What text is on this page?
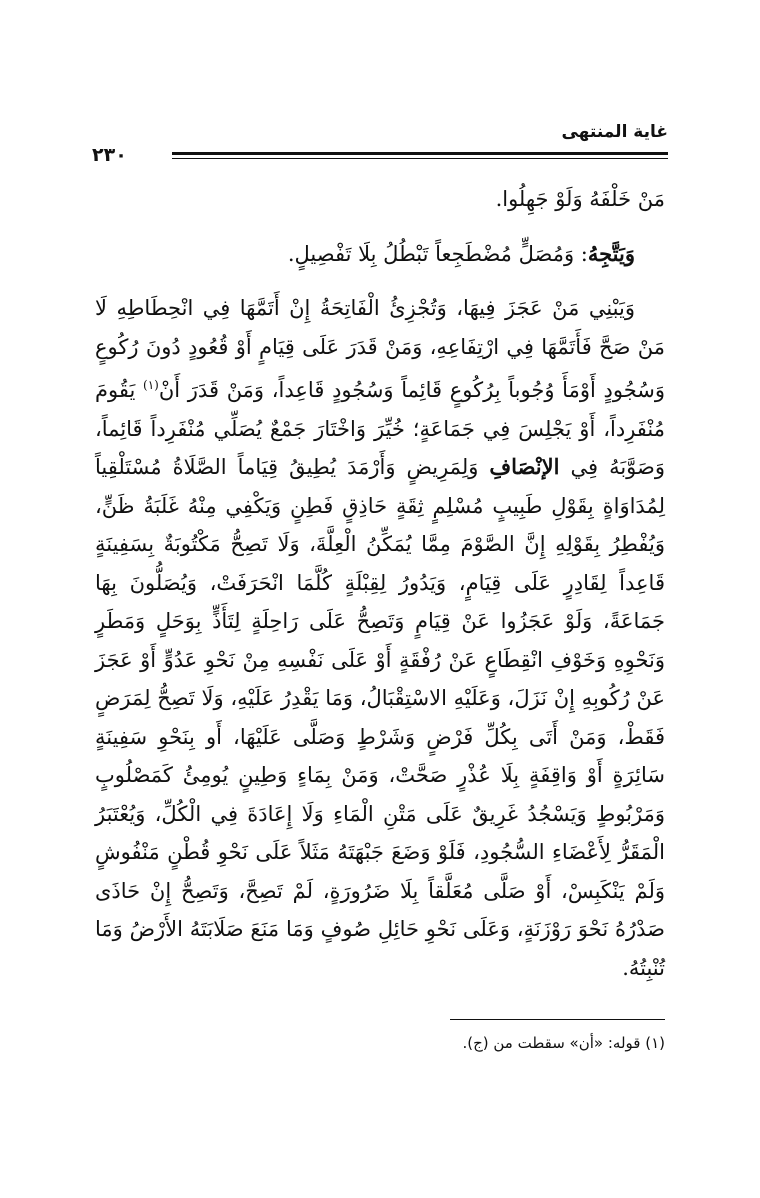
غاية المنتهى
٢٣٠

مَنْ خَلْفَهُ وَلَوْ جَهِلُوا.

وَيَتَّجِهُ: وَمُصَلٍّ مُضْطَجِعاً تَبْطُلُ بِلَا تَفْصِيلٍ.

وَيَبْنِي مَنْ عَجَزَ فِيهَا، وَتُجْزِئُ الْفَاتِحَةُ إِنْ أَتَمَّهَا فِي انْحِطَاطِهِ لَا مَنْ صَحَّ فَأَتَمَّهَا فِي ارْتِفَاعِهِ، وَمَنْ قَدَرَ عَلَى قِيَامٍ أَوْ قُعُودٍ دُونَ رُكُوعٍ وَسُجُودٍ أَوْمَأَ وُجُوباً بِرُكُوعٍ قَائِماً وَسُجُودٍ قَاعِداً، وَمَنْ قَدَرَ أَنْ$^{(١)}$ يَقُومَ مُنْفَرِداً، أَوْ يَجْلِسَ فِي جَمَاعَةٍ؛ خُيِّرَ وَاخْتَارَ جَمْعٌ يُصَلِّي مُنْفَرِداً قَائِماً، وَصَوَّبَهُ فِي الإنْصَافِ وَلِمَرِيضٍ وَأَرْمَدَ يُطِيقُ قِيَاماً الصَّلَاةُ مُسْتَلْقِياً لِمُدَاوَاةٍ بِقَوْلِ طَبِيبٍ مُسْلِمٍ ثِقَةٍ حَاذِقٍ فَطِنٍ وَيَكْفِي مِنْهُ غَلَبَةُ ظَنٍّ، وَيُفْطِرُ بِقَوْلِهِ إِنَّ الصَّوْمَ مِمَّا يُمَكِّنُ الْعِلَّةَ، وَلَا تَصِحُّ مَكْتُوبَةٌ بِسَفِينَةٍ قَاعِداً لِقَادِرٍ عَلَى قِيَامٍ، وَيَدُورُ لِقِبْلَةٍ كُلَّمَا انْحَرَفَتْ، وَيُصَلُّونَ بِهَا جَمَاعَةً، وَلَوْ عَجَزُوا عَنْ قِيَامٍ وَتَصِحُّ عَلَى رَاحِلَةٍ لِتَأَذٍّ بِوَحَلٍ وَمَطَرٍ وَنَحْوِهِ وَخَوْفِ انْقِطَاعٍ عَنْ رُفْقَةٍ أَوْ عَلَى نَفْسِهِ مِنْ نَحْوِ عَدُوٍّ أَوْ عَجَزَ عَنْ رُكُوبِهِ إِنْ نَزَلَ، وَعَلَيْهِ الاسْتِقْبَالُ، وَمَا يَقْدِرُ عَلَيْهِ، وَلَا تَصِحُّ لِمَرَضٍ فَقَطْ، وَمَنْ أَتَى بِكُلِّ فَرْضٍ وَشَرْطٍ وَصَلَّى عَلَيْهَا، أَو بِنَحْوِ سَفِينَةٍ سَائِرَةٍ أَوْ وَاقِفَةٍ بِلَا عُذْرٍ صَحَّتْ، وَمَنْ بِمَاءٍ وَطِينٍ يُومِئُ كَمَصْلُوبٍ وَمَرْبُوطٍ وَيَسْجُدُ غَرِيقٌ عَلَى مَتْنِ الْمَاءِ وَلَا إِعَادَةَ فِي الْكُلِّ، وَيُعْتَبَرُ الْمَقَرُّ لِأَعْضَاءِ السُّجُودِ، فَلَوْ وَضَعَ جَبْهَتَهُ مَثَلاً عَلَى نَحْوِ قُطْنٍ مَنْفُوشٍ وَلَمْ يَنْكَبِسْ، أَوْ صَلَّى مُعَلَّقاً بِلَا ضَرُورَةٍ، لَمْ تَصِحَّ، وَتَصِحُّ إِنْ حَاذَى صَدْرُهُ نَحْوَ رَوْزَنَةٍ، وَعَلَى نَحْوِ حَائِلِ صُوفٍ وَمَا مَنَعَ صَلَابَتَهُ الأَرْضُ وَمَا تُنْبِتُهُ.

(١) قوله: «أن» سقطت من (ج).
